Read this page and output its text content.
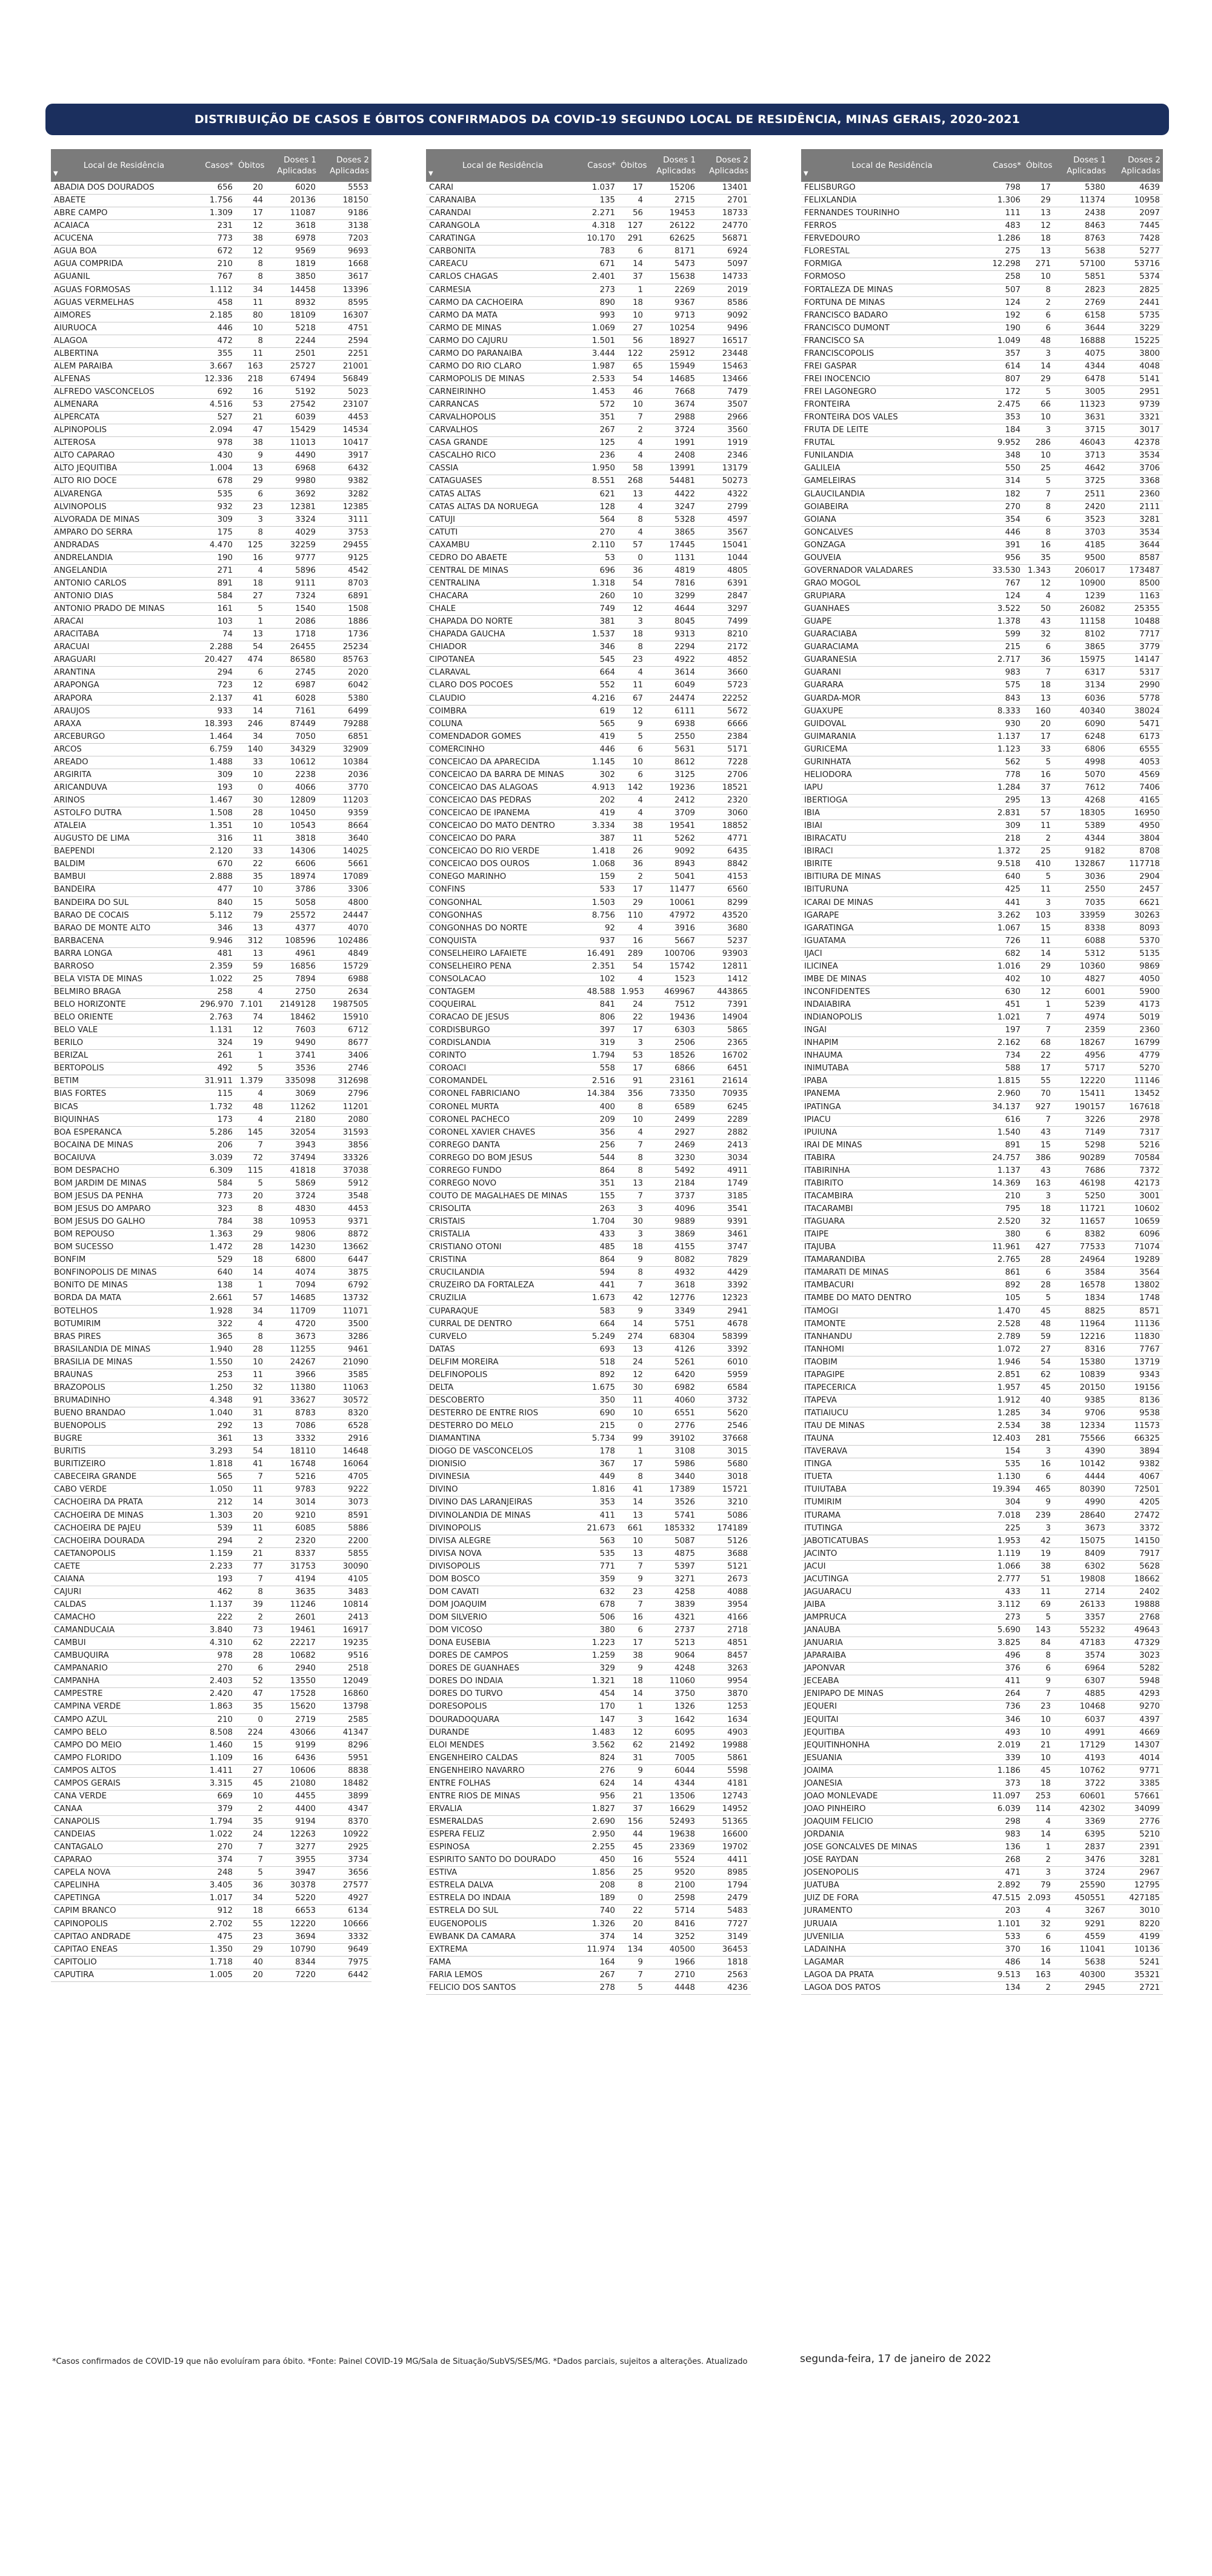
DISTRIBUIÇÃO DE CASOS E ÓBITOS CONFIRMADOS DA COVID-19 SEGUNDO LOCAL DE RESIDÊNCIA, MINAS GERAIS, 2020-2021
Local de Residência
▼	Casos*	Óbitos	Doses 1 Aplicadas	Doses 2 Aplicadas
ABADIA DOS DOURADOS	656	20	6020	5553
ABAETE	1.756	44	20136	18150
ABRE CAMPO	1.309	17	11087	9186
ACAIACA	231	12	3618	3138
ACUCENA	773	38	6978	7203
AGUA BOA	672	12	9569	9693
AGUA COMPRIDA	210	8	1819	1668
AGUANIL	767	8	3850	3617
AGUAS FORMOSAS	1.112	34	14458	13396
AGUAS VERMELHAS	458	11	8932	8595
AIMORES	2.185	80	18109	16307
AIURUOCA	446	10	5218	4751
ALAGOA	472	8	2244	2594
ALBERTINA	355	11	2501	2251
ALEM PARAIBA	3.667	163	25727	21001
ALFENAS	12.336	218	67494	56849
ALFREDO VASCONCELOS	692	16	5192	5023
ALMENARA	4.516	53	27542	23107
ALPERCATA	527	21	6039	4453
ALPINOPOLIS	2.094	47	15429	14534
ALTEROSA	978	38	11013	10417
ALTO CAPARAO	430	9	4490	3917
ALTO JEQUITIBA	1.004	13	6968	6432
ALTO RIO DOCE	678	29	9980	9382
ALVARENGA	535	6	3692	3282
ALVINOPOLIS	932	23	12381	12385
ALVORADA DE MINAS	309	3	3324	3111
AMPARO DO SERRA	175	8	4029	3753
ANDRADAS	4.470	125	32259	29455
ANDRELANDIA	190	16	9777	9125
ANGELANDIA	271	4	5896	4542
ANTONIO CARLOS	891	18	9111	8703
ANTONIO DIAS	584	27	7324	6891
ANTONIO PRADO DE MINAS	161	5	1540	1508
ARACAI	103	1	2086	1886
ARACITABA	74	13	1718	1736
ARACUAI	2.288	54	26455	25234
ARAGUARI	20.427	474	86580	85763
ARANTINA	294	6	2745	2020
ARAPONGA	723	12	6987	6042
ARAPORA	2.137	41	6028	5380
ARAUJOS	933	14	7161	6499
ARAXA	18.393	246	87449	79288
ARCEBURGO	1.464	34	7050	6851
ARCOS	6.759	140	34329	32909
AREADO	1.488	33	10612	10384
ARGIRITA	309	10	2238	2036
ARICANDUVA	193	0	4066	3770
ARINOS	1.467	30	12809	11203
ASTOLFO DUTRA	1.508	28	10450	9359
ATALEIA	1.351	10	10543	8664
AUGUSTO DE LIMA	316	11	3818	3640
BAEPENDI	2.120	33	14306	14025
BALDIM	670	22	6606	5661
BAMBUI	2.888	35	18974	17089
BANDEIRA	477	10	3786	3306
BANDEIRA DO SUL	840	15	5058	4800
BARAO DE COCAIS	5.112	79	25572	24447
BARAO DE MONTE ALTO	346	13	4377	4070
BARBACENA	9.946	312	108596	102486
BARRA LONGA	481	13	4961	4849
BARROSO	2.359	59	16856	15729
BELA VISTA DE MINAS	1.022	25	7894	6988
BELMIRO BRAGA	258	4	2750	2634
BELO HORIZONTE	296.970	7.101	2149128	1987505
BELO ORIENTE	2.763	74	18462	15910
BELO VALE	1.131	12	7603	6712
BERILO	324	19	9490	8677
BERIZAL	261	1	3741	3406
BERTOPOLIS	492	5	3536	2746
BETIM	31.911	1.379	335098	312698
BIAS FORTES	115	4	3069	2796
BICAS	1.732	48	11262	11201
BIQUINHAS	173	4	2180	2080
BOA ESPERANCA	5.286	145	32054	31593
BOCAINA DE MINAS	206	7	3943	3856
BOCAIUVA	3.039	72	37494	33326
BOM DESPACHO	6.309	115	41818	37038
BOM JARDIM DE MINAS	584	5	5869	5912
BOM JESUS DA PENHA	773	20	3724	3548
BOM JESUS DO AMPARO	323	8	4830	4453
BOM JESUS DO GALHO	784	38	10953	9371
BOM REPOUSO	1.363	29	9806	8872
BOM SUCESSO	1.472	28	14230	13662
BONFIM	529	18	6800	6447
BONFINOPOLIS DE MINAS	640	14	4074	3875
BONITO DE MINAS	138	1	7094	6792
BORDA DA MATA	2.661	57	14685	13732
BOTELHOS	1.928	34	11709	11071
BOTUMIRIM	322	4	4720	3500
BRAS PIRES	365	8	3673	3286
BRASILANDIA DE MINAS	1.940	28	11255	9461
BRASILIA DE MINAS	1.550	10	24267	21090
BRAUNAS	253	11	3966	3585
BRAZOPOLIS	1.250	32	11380	11063
BRUMADINHO	4.348	91	33627	30572
BUENO BRANDAO	1.040	31	8783	8320
BUENOPOLIS	292	13	7086	6528
BUGRE	361	13	3332	2916
BURITIS	3.293	54	18110	14648
BURITIZEIRO	1.818	41	16748	16064
CABECEIRA GRANDE	565	7	5216	4705
CABO VERDE	1.050	11	9783	9222
CACHOEIRA DA PRATA	212	14	3014	3073
CACHOEIRA DE MINAS	1.303	20	9210	8591
CACHOEIRA DE PAJEU	539	11	6085	5886
CACHOEIRA DOURADA	294	2	2320	2200
CAETANOPOLIS	1.159	21	8337	5855
CAETE	2.233	77	31753	30090
CAIANA	193	7	4194	4105
CAJURI	462	8	3635	3483
CALDAS	1.137	39	11246	10814
CAMACHO	222	2	2601	2413
CAMANDUCAIA	3.840	73	19461	16917
CAMBUI	4.310	62	22217	19235
CAMBUQUIRA	978	28	10682	9516
CAMPANARIO	270	6	2940	2518
CAMPANHA	2.403	52	13550	12049
CAMPESTRE	2.420	47	17528	16860
CAMPINA VERDE	1.863	35	15620	13798
CAMPO AZUL	210	0	2719	2585
CAMPO BELO	8.508	224	43066	41347
CAMPO DO MEIO	1.460	15	9199	8296
CAMPO FLORIDO	1.109	16	6436	5951
CAMPOS ALTOS	1.411	27	10606	8838
CAMPOS GERAIS	3.315	45	21080	18482
CANA VERDE	669	10	4455	3899
CANAA	379	2	4400	4347
CANAPOLIS	1.794	35	9194	8370
CANDEIAS	1.022	24	12263	10922
CANTAGALO	270	7	3277	2925
CAPARAO	374	7	3955	3734
CAPELA NOVA	248	5	3947	3656
CAPELINHA	3.405	36	30378	27577
CAPETINGA	1.017	34	5220	4927
CAPIM BRANCO	912	18	6653	6134
CAPINOPOLIS	2.702	55	12220	10666
CAPITAO ANDRADE	475	23	3694	3332
CAPITAO ENEAS	1.350	29	10790	9649
CAPITOLIO	1.718	40	8344	7975
CAPUTIRA	1.005	20	7220	6442
Local de Residência
▼	Casos*	Óbitos	Doses 1 Aplicadas	Doses 2 Aplicadas
CARAI	1.037	17	15206	13401
CARANAIBA	135	4	2715	2701
CARANDAI	2.271	56	19453	18733
CARANGOLA	4.318	127	26122	24770
CARATINGA	10.170	291	62625	56871
CARBONITA	783	6	8171	6924
CAREACU	671	14	5473	5097
CARLOS CHAGAS	2.401	37	15638	14733
CARMESIA	273	1	2269	2019
CARMO DA CACHOEIRA	890	18	9367	8586
CARMO DA MATA	993	10	9713	9092
CARMO DE MINAS	1.069	27	10254	9496
CARMO DO CAJURU	1.501	56	18927	16517
CARMO DO PARANAIBA	3.444	122	25912	23448
CARMO DO RIO CLARO	1.987	65	15949	15463
CARMOPOLIS DE MINAS	2.533	54	14685	13466
CARNEIRINHO	1.453	46	7668	7479
CARRANCAS	572	10	3674	3507
CARVALHOPOLIS	351	7	2988	2966
CARVALHOS	267	2	3724	3560
CASA GRANDE	125	4	1991	1919
CASCALHO RICO	236	4	2408	2346
CASSIA	1.950	58	13991	13179
CATAGUASES	8.551	268	54481	50273
CATAS ALTAS	621	13	4422	4322
CATAS ALTAS DA NORUEGA	128	4	3247	2799
CATUJI	564	8	5328	4597
CATUTI	270	4	3865	3567
CAXAMBU	2.110	57	17445	15041
CEDRO DO ABAETE	53	0	1131	1044
CENTRAL DE MINAS	696	36	4819	4805
CENTRALINA	1.318	54	7816	6391
CHACARA	260	10	3299	2847
CHALE	749	12	4644	3297
CHAPADA DO NORTE	381	3	8045	7499
CHAPADA GAUCHA	1.537	18	9313	8210
CHIADOR	346	8	2294	2172
CIPOTANEA	545	23	4922	4852
CLARAVAL	664	4	3614	3660
CLARO DOS POCOES	552	11	6049	5723
CLAUDIO	4.216	67	24474	22252
COIMBRA	619	12	6111	5672
COLUNA	565	9	6938	6666
COMENDADOR GOMES	419	5	2550	2384
COMERCINHO	446	6	5631	5171
CONCEICAO DA APARECIDA	1.145	10	8612	7228
CONCEICAO DA BARRA DE MINAS	302	6	3125	2706
CONCEICAO DAS ALAGOAS	4.913	142	19236	18521
CONCEICAO DAS PEDRAS	202	4	2412	2320
CONCEICAO DE IPANEMA	419	4	3709	3060
CONCEICAO DO MATO DENTRO	3.334	38	19541	18852
CONCEICAO DO PARA	387	11	5262	4771
CONCEICAO DO RIO VERDE	1.418	26	9092	6435
CONCEICAO DOS OUROS	1.068	36	8943	8842
CONEGO MARINHO	159	2	5041	4153
CONFINS	533	17	11477	6560
CONGONHAL	1.503	29	10061	8299
CONGONHAS	8.756	110	47972	43520
CONGONHAS DO NORTE	92	4	3916	3680
CONQUISTA	937	16	5667	5237
CONSELHEIRO LAFAIETE	16.491	289	100706	93903
CONSELHEIRO PENA	2.351	54	15742	12811
CONSOLACAO	102	4	1523	1412
CONTAGEM	48.588	1.953	469967	443865
COQUEIRAL	841	24	7512	7391
CORACAO DE JESUS	806	22	19436	14904
CORDISBURGO	397	17	6303	5865
CORDISLANDIA	319	3	2506	2365
CORINTO	1.794	53	18526	16702
COROACI	558	17	6866	6451
COROMANDEL	2.516	91	23161	21614
CORONEL FABRICIANO	14.384	356	73350	70935
CORONEL MURTA	400	8	6589	6245
CORONEL PACHECO	209	10	2499	2289
CORONEL XAVIER CHAVES	356	4	2927	2882
CORREGO DANTA	256	7	2469	2413
CORREGO DO BOM JESUS	544	8	3230	3034
CORREGO FUNDO	864	8	5492	4911
CORREGO NOVO	351	13	2184	1749
COUTO DE MAGALHAES DE MINAS	155	7	3737	3185
CRISOLITA	263	3	4096	3541
CRISTAIS	1.704	30	9889	9391
CRISTALIA	433	3	3869	3461
CRISTIANO OTONI	485	18	4155	3747
CRISTINA	864	9	8082	7829
CRUCILANDIA	594	8	4932	4429
CRUZEIRO DA FORTALEZA	441	7	3618	3392
CRUZILIA	1.673	42	12776	12323
CUPARAQUE	583	9	3349	2941
CURRAL DE DENTRO	664	14	5751	4678
CURVELO	5.249	274	68304	58399
DATAS	693	13	4126	3392
DELFIM MOREIRA	518	24	5261	6010
DELFINOPOLIS	892	12	6420	5959
DELTA	1.675	30	6982	6584
DESCOBERTO	350	11	4060	3732
DESTERRO DE ENTRE RIOS	690	10	6551	5620
DESTERRO DO MELO	215	0	2776	2546
DIAMANTINA	5.734	99	39102	37668
DIOGO DE VASCONCELOS	178	1	3108	3015
DIONISIO	367	17	5986	5680
DIVINESIA	449	8	3440	3018
DIVINO	1.816	41	17389	15721
DIVINO DAS LARANJEIRAS	353	14	3526	3210
DIVINOLANDIA DE MINAS	411	13	5741	5086
DIVINOPOLIS	21.673	661	185332	174189
DIVISA ALEGRE	563	10	5087	5126
DIVISA NOVA	535	13	4875	3688
DIVISOPOLIS	771	7	5397	5121
DOM BOSCO	359	9	3271	2673
DOM CAVATI	632	23	4258	4088
DOM JOAQUIM	678	7	3839	3954
DOM SILVERIO	506	16	4321	4166
DOM VICOSO	380	6	2737	2718
DONA EUSEBIA	1.223	17	5213	4851
DORES DE CAMPOS	1.259	38	9064	8457
DORES DE GUANHAES	329	9	4248	3263
DORES DO INDAIA	1.321	18	11060	9954
DORES DO TURVO	454	14	3750	3870
DORESOPOLIS	170	1	1326	1253
DOURADOQUARA	147	3	1642	1634
DURANDE	1.483	12	6095	4903
ELOI MENDES	3.562	62	21492	19988
ENGENHEIRO CALDAS	824	31	7005	5861
ENGENHEIRO NAVARRO	276	9	6044	5598
ENTRE FOLHAS	624	14	4344	4181
ENTRE RIOS DE MINAS	956	21	13506	12743
ERVALIA	1.827	37	16629	14952
ESMERALDAS	2.690	156	52493	51365
ESPERA FELIZ	2.950	44	19638	16600
ESPINOSA	2.255	45	23369	19702
ESPIRITO SANTO DO DOURADO	450	16	5524	4411
ESTIVA	1.856	25	9520	8985
ESTRELA DALVA	208	8	2100	1794
ESTRELA DO INDAIA	189	0	2598	2479
ESTRELA DO SUL	740	22	5714	5483
EUGENOPOLIS	1.326	20	8416	7727
EWBANK DA CAMARA	374	14	3252	3149
EXTREMA	11.974	134	40500	36453
FAMA	164	9	1966	1818
FARIA LEMOS	267	7	2710	2563
FELICIO DOS SANTOS	278	5	4448	4236
Local de Residência
▼	Casos*	Óbitos	Doses 1 Aplicadas	Doses 2 Aplicadas
FELISBURGO	798	17	5380	4639
FELIXLANDIA	1.306	29	11374	10958
FERNANDES TOURINHO	111	13	2438	2097
FERROS	483	12	8463	7445
FERVEDOURO	1.286	18	8763	7428
FLORESTAL	275	13	5638	5277
FORMIGA	12.298	271	57100	53716
FORMOSO	258	10	5851	5374
FORTALEZA DE MINAS	507	8	2823	2825
FORTUNA DE MINAS	124	2	2769	2441
FRANCISCO BADARO	192	6	6158	5735
FRANCISCO DUMONT	190	6	3644	3229
FRANCISCO SA	1.049	48	16888	15225
FRANCISCOPOLIS	357	3	4075	3800
FREI GASPAR	614	14	4344	4048
FREI INOCENCIO	807	29	6478	5141
FREI LAGONEGRO	172	5	3005	2951
FRONTEIRA	2.475	66	11323	9739
FRONTEIRA DOS VALES	353	10	3631	3321
FRUTA DE LEITE	184	3	3715	3017
FRUTAL	9.952	286	46043	42378
FUNILANDIA	348	10	3713	3534
GALILEIA	550	25	4642	3706
GAMELEIRAS	314	5	3725	3368
GLAUCILANDIA	182	7	2511	2360
GOIABEIRA	270	8	2420	2111
GOIANA	354	6	3523	3281
GONCALVES	446	8	3703	3534
GONZAGA	391	16	4185	3644
GOUVEIA	956	35	9500	8587
GOVERNADOR VALADARES	33.530	1.343	206017	173487
GRAO MOGOL	767	12	10900	8500
GRUPIARA	124	4	1239	1163
GUANHAES	3.522	50	26082	25355
GUAPE	1.378	43	11158	10488
GUARACIABA	599	32	8102	7717
GUARACIAMA	215	6	3865	3779
GUARANESIA	2.717	36	15975	14147
GUARANI	983	7	6317	5317
GUARARA	575	18	3134	2990
GUARDA-MOR	843	13	6036	5778
GUAXUPE	8.333	160	40340	38024
GUIDOVAL	930	20	6090	5471
GUIMARANIA	1.137	17	6248	6173
GURICEMA	1.123	33	6806	6555
GURINHATA	562	5	4998	4053
HELIODORA	778	16	5070	4569
IAPU	1.284	37	7612	7406
IBERTIOGA	295	13	4268	4165
IBIA	2.831	57	18305	16950
IBIAI	309	11	5389	4950
IBIRACATU	218	2	4344	3804
IBIRACI	1.372	25	9182	8708
IBIRITE	9.518	410	132867	117718
IBITIURA DE MINAS	640	5	3036	2904
IBITURUNA	425	11	2550	2457
ICARAI DE MINAS	441	3	7035	6621
IGARAPE	3.262	103	33959	30263
IGARATINGA	1.067	15	8338	8093
IGUATAMA	726	11	6088	5370
IJACI	682	14	5312	5135
ILICINEA	1.016	29	10360	9869
IMBE DE MINAS	402	10	4827	4050
INCONFIDENTES	630	12	6001	5900
INDAIABIRA	451	1	5239	4173
INDIANOPOLIS	1.021	7	4974	5019
INGAI	197	7	2359	2360
INHAPIM	2.162	68	18267	16799
INHAUMA	734	22	4956	4779
INIMUTABA	588	17	5717	5270
IPABA	1.815	55	12220	11146
IPANEMA	2.960	70	15411	13452
IPATINGA	34.137	927	190157	167618
IPIACU	616	7	3226	2978
IPUIUNA	1.540	43	7149	7317
IRAI DE MINAS	891	15	5298	5216
ITABIRA	24.757	386	90289	70584
ITABIRINHA	1.137	43	7686	7372
ITABIRITO	14.369	163	46198	42173
ITACAMBIRA	210	3	5250	3001
ITACARAMBI	795	18	11721	10602
ITAGUARA	2.520	32	11657	10659
ITAIPE	380	6	8382	6096
ITAJUBA	11.961	427	77533	71074
ITAMARANDIBA	2.765	28	24964	19289
ITAMARATI DE MINAS	861	6	3584	3564
ITAMBACURI	892	28	16578	13802
ITAMBE DO MATO DENTRO	105	5	1834	1748
ITAMOGI	1.470	45	8825	8571
ITAMONTE	2.528	48	11964	11136
ITANHANDU	2.789	59	12216	11830
ITANHOMI	1.072	27	8316	7767
ITAOBIM	1.946	54	15380	13719
ITAPAGIPE	2.851	62	10839	9343
ITAPECERICA	1.957	45	20150	19156
ITAPEVA	1.912	40	9385	8136
ITATIAIUCU	1.285	34	9706	9538
ITAU DE MINAS	2.534	38	12334	11573
ITAUNA	12.403	281	75566	66325
ITAVERAVA	154	3	4390	3894
ITINGA	535	16	10142	9382
ITUETA	1.130	6	4444	4067
ITUIUTABA	19.394	465	80390	72501
ITUMIRIM	304	9	4990	4205
ITURAMA	7.018	239	28640	27472
ITUTINGA	225	3	3673	3372
JABOTICATUBAS	1.953	42	15075	14150
JACINTO	1.119	19	8409	7917
JACUI	1.066	38	6302	5628
JACUTINGA	2.777	51	19808	18662
JAGUARACU	433	11	2714	2402
JAIBA	3.112	69	26133	19888
JAMPRUCA	273	5	3357	2768
JANAUBA	5.690	143	55232	49643
JANUARIA	3.825	84	47183	47329
JAPARAIBA	496	8	3574	3023
JAPONVAR	376	6	6964	5282
JECEABA	411	9	6307	5948
JENIPAPO DE MINAS	264	7	4885	4293
JEQUERI	736	23	10468	9270
JEQUITAI	346	10	6037	4397
JEQUITIBA	493	10	4991	4669
JEQUITINHONHA	2.019	21	17129	14307
JESUANIA	339	10	4193	4014
JOAIMA	1.186	45	10762	9771
JOANESIA	373	18	3722	3385
JOAO MONLEVADE	11.097	253	60601	57661
JOAO PINHEIRO	6.039	114	42302	34099
JOAQUIM FELICIO	298	4	3369	2776
JORDANIA	983	14	6395	5210
JOSE GONCALVES DE MINAS	136	1	2837	2391
JOSE RAYDAN	268	2	3476	3281
JOSENOPOLIS	471	3	3724	2967
JUATUBA	2.892	79	25590	12795
JUIZ DE FORA	47.515	2.093	450551	427185
JURAMENTO	203	4	3267	3010
JURUAIA	1.101	32	9291	8220
JUVENILIA	533	6	4559	4199
LADAINHA	370	16	11041	10136
LAGAMAR	486	14	5638	5241
LAGOA DA PRATA	9.513	163	40300	35321
LAGOA DOS PATOS	134	2	2945	2721
*Casos confirmados de COVID-19 que não evoluíram para óbito. *Fonte: Painel COVID-19 MG/Sala de Situação/SubVS/SES/MG. *Dados parciais, sujeitos a alterações. Atualizado	segunda-feira, 17 de janeiro de 2022
